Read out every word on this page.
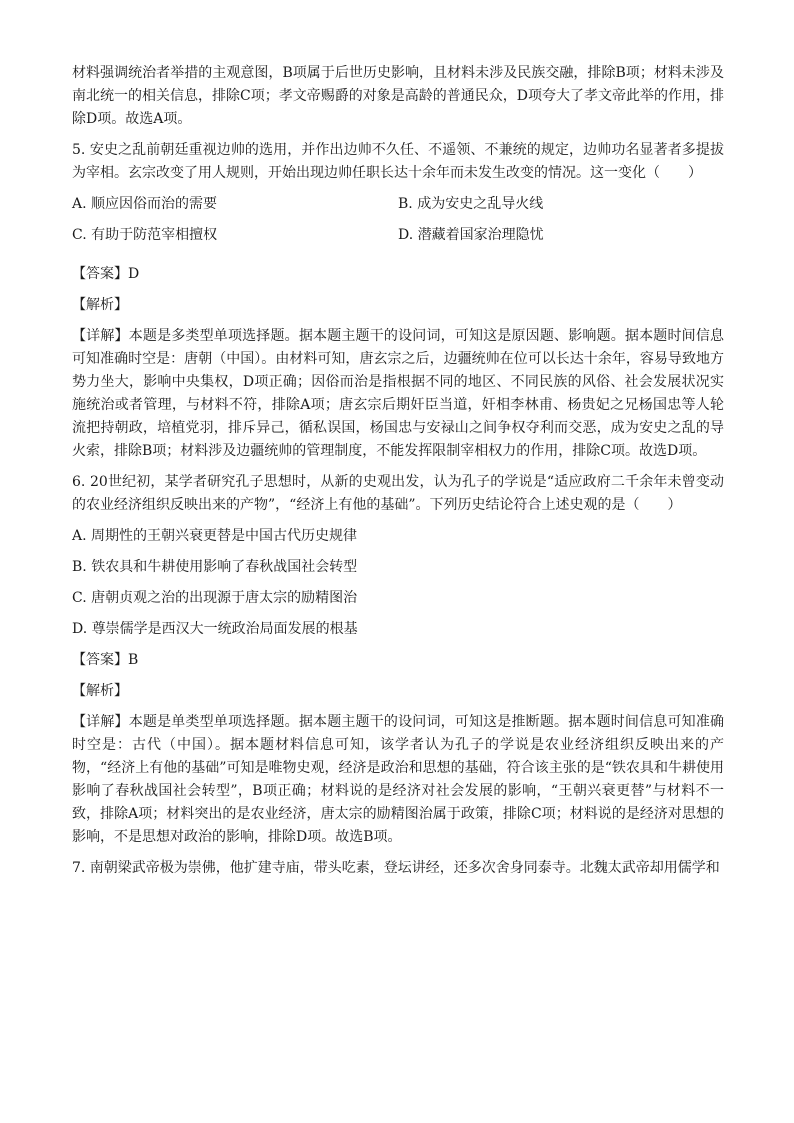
材料强调统治者举措的主观意图，B项属于后世历史影响，且材料未涉及民族交融，排除B项；材料未涉及南北统一的相关信息，排除C项；孝文帝赐爵的对象是高龄的普通民众，D项夸大了孝文帝此举的作用，排除D项。故选A项。

5. 安史之乱前朝廷重视边帅的选用，并作出边帅不久任、不遥领、不兼统的规定，边帅功名显著者多提拔为宰相。玄宗改变了用人规则，开始出现边帅任职长达十余年而未发生改变的情况。这一变化（　　）

A. 顺应因俗而治的需要	B. 成为安史之乱导火线
C. 有助于防范宰相擅权	D. 潜藏着国家治理隐忧
【答案】D
【解析】

【详解】本题是多类型单项选择题。据本题主题干的设问词，可知这是原因题、影响题。据本题时间信息可知准确时空是：唐朝（中国）。由材料可知，唐玄宗之后，边疆统帅在位可以长达十余年，容易导致地方势力坐大，影响中央集权，D项正确；因俗而治是指根据不同的地区、不同民族的风俗、社会发展状况实施统治或者管理，与材料不符，排除A项；唐玄宗后期奸臣当道，奸相李林甫、杨贵妃之兄杨国忠等人轮流把持朝政，培植党羽，排斥异己，循私误国，杨国忠与安禄山之间争权夺利而交恶，成为安史之乱的导火索，排除B项；材料涉及边疆统帅的管理制度，不能发挥限制宰相权力的作用，排除C项。故选D项。

6. 20世纪初，某学者研究孔子思想时，从新的史观出发，认为孔子的学说是“适应政府二千余年未曾变动的农业经济组织反映出来的产物”，“经济上有他的基础”。下列历史结论符合上述史观的是（　　）

A. 周期性的王朝兴衰更替是中国古代历史规律
B. 铁农具和牛耕使用影响了春秋战国社会转型
C. 唐朝贞观之治的出现源于唐太宗的励精图治
D. 尊崇儒学是西汉大一统政治局面发展的根基
【答案】B
【解析】

【详解】本题是单类型单项选择题。据本题主题干的设问词，可知这是推断题。据本题时间信息可知准确时空是：古代（中国）。据本题材料信息可知，该学者认为孔子的学说是农业经济组织反映出来的产物，“经济上有他的基础”可知是唯物史观，经济是政治和思想的基础，符合该主张的是“铁农具和牛耕使用影响了春秋战国社会转型”，B项正确；材料说的是经济对社会发展的影响，“王朝兴衰更替”与材料不一致，排除A项；材料突出的是农业经济，唐太宗的励精图治属于政策，排除C项；材料说的是经济对思想的影响，不是思想对政治的影响，排除D项。故选B项。

7. 南朝梁武帝极为崇佛，他扩建寺庙，带头吃素，登坛讲经，还多次舍身同泰寺。北魏太武帝却用儒学和
